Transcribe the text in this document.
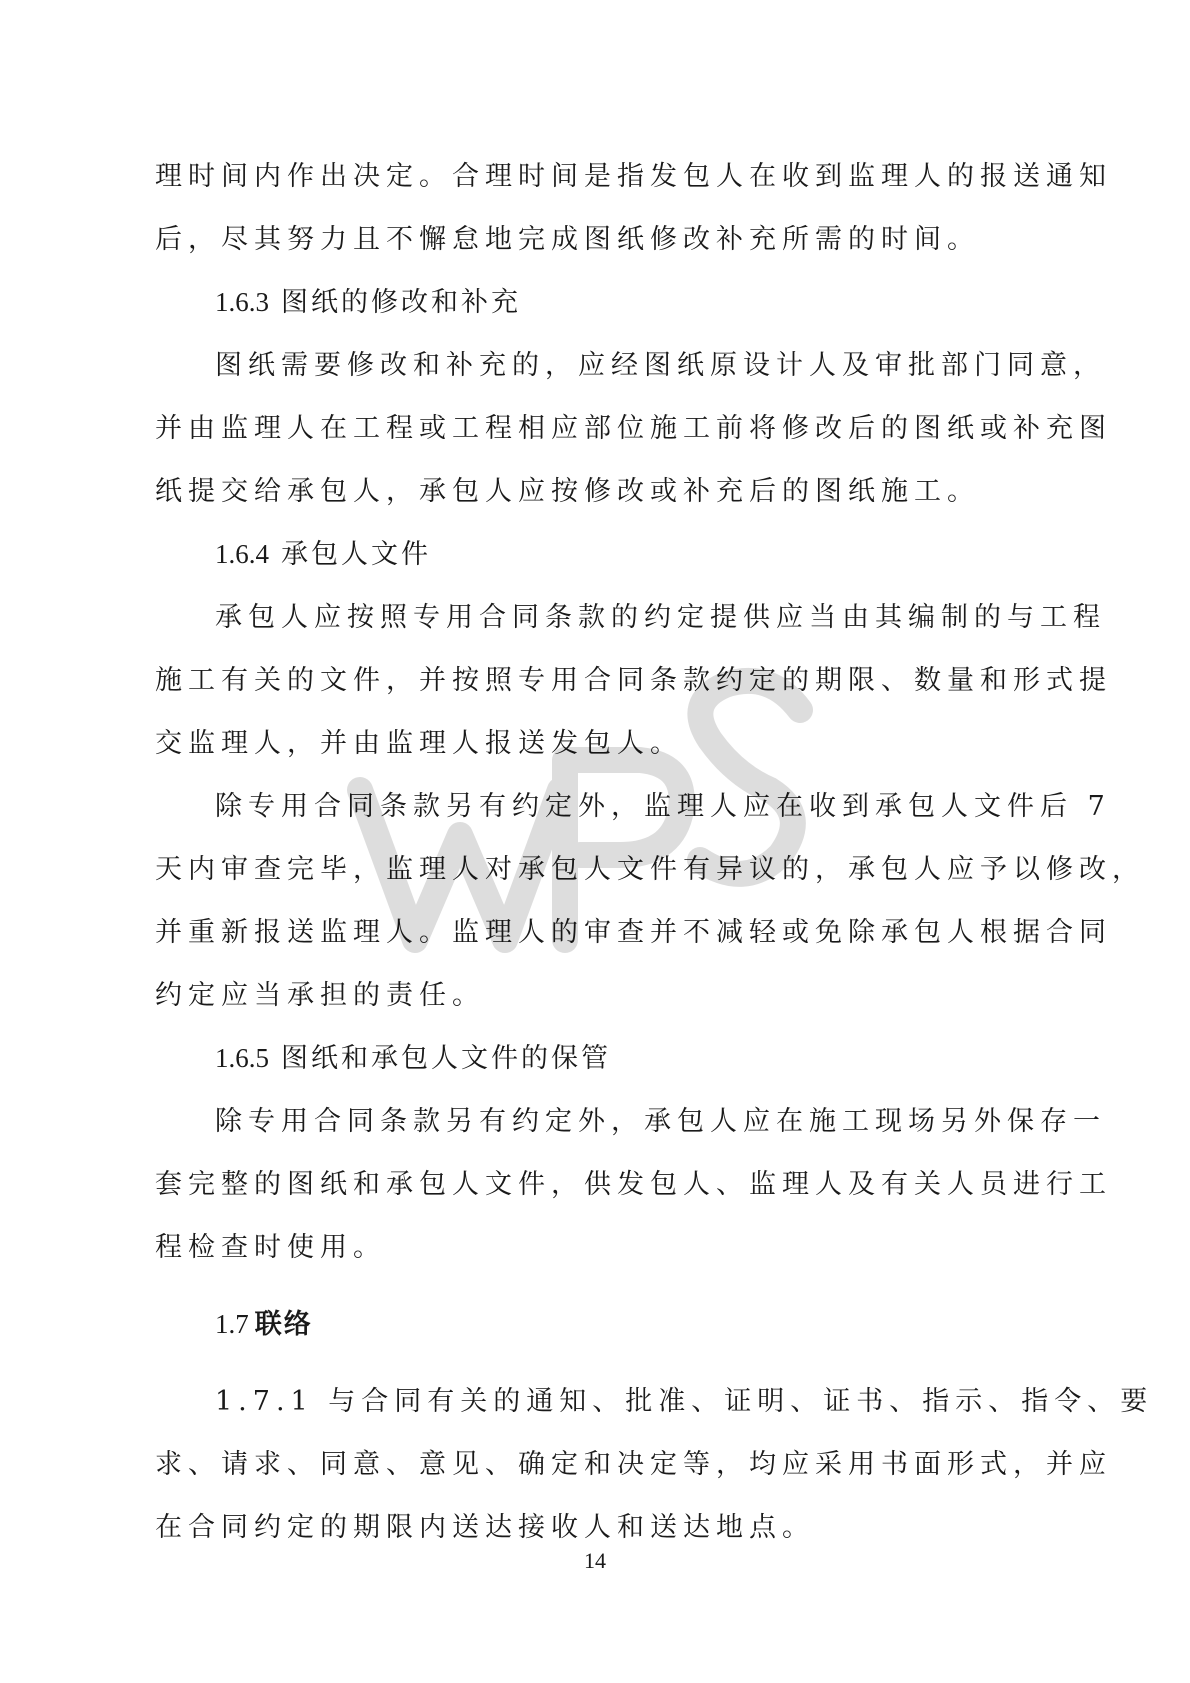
理时间内作出决定。合理时间是指发包人在收到监理人的报送通知
后，尽其努力且不懈怠地完成图纸修改补充所需的时间。
1.6.3 图纸的修改和补充
图纸需要修改和补充的，应经图纸原设计人及审批部门同意，
并由监理人在工程或工程相应部位施工前将修改后的图纸或补充图
纸提交给承包人，承包人应按修改或补充后的图纸施工。
1.6.4 承包人文件
承包人应按照专用合同条款的约定提供应当由其编制的与工程
施工有关的文件，并按照专用合同条款约定的期限、数量和形式提
交监理人，并由监理人报送发包人。
除专用合同条款另有约定外，监理人应在收到承包人文件后 7
天内审查完毕，监理人对承包人文件有异议的，承包人应予以修改，
并重新报送监理人。监理人的审查并不减轻或免除承包人根据合同
约定应当承担的责任。
1.6.5 图纸和承包人文件的保管
除专用合同条款另有约定外，承包人应在施工现场另外保存一
套完整的图纸和承包人文件，供发包人、监理人及有关人员进行工
程检查时使用。
1.7 联络
1.7.1 与合同有关的通知、批准、证明、证书、指示、指令、要
求、请求、同意、意见、确定和决定等，均应采用书面形式，并应
在合同约定的期限内送达接收人和送达地点。
14
